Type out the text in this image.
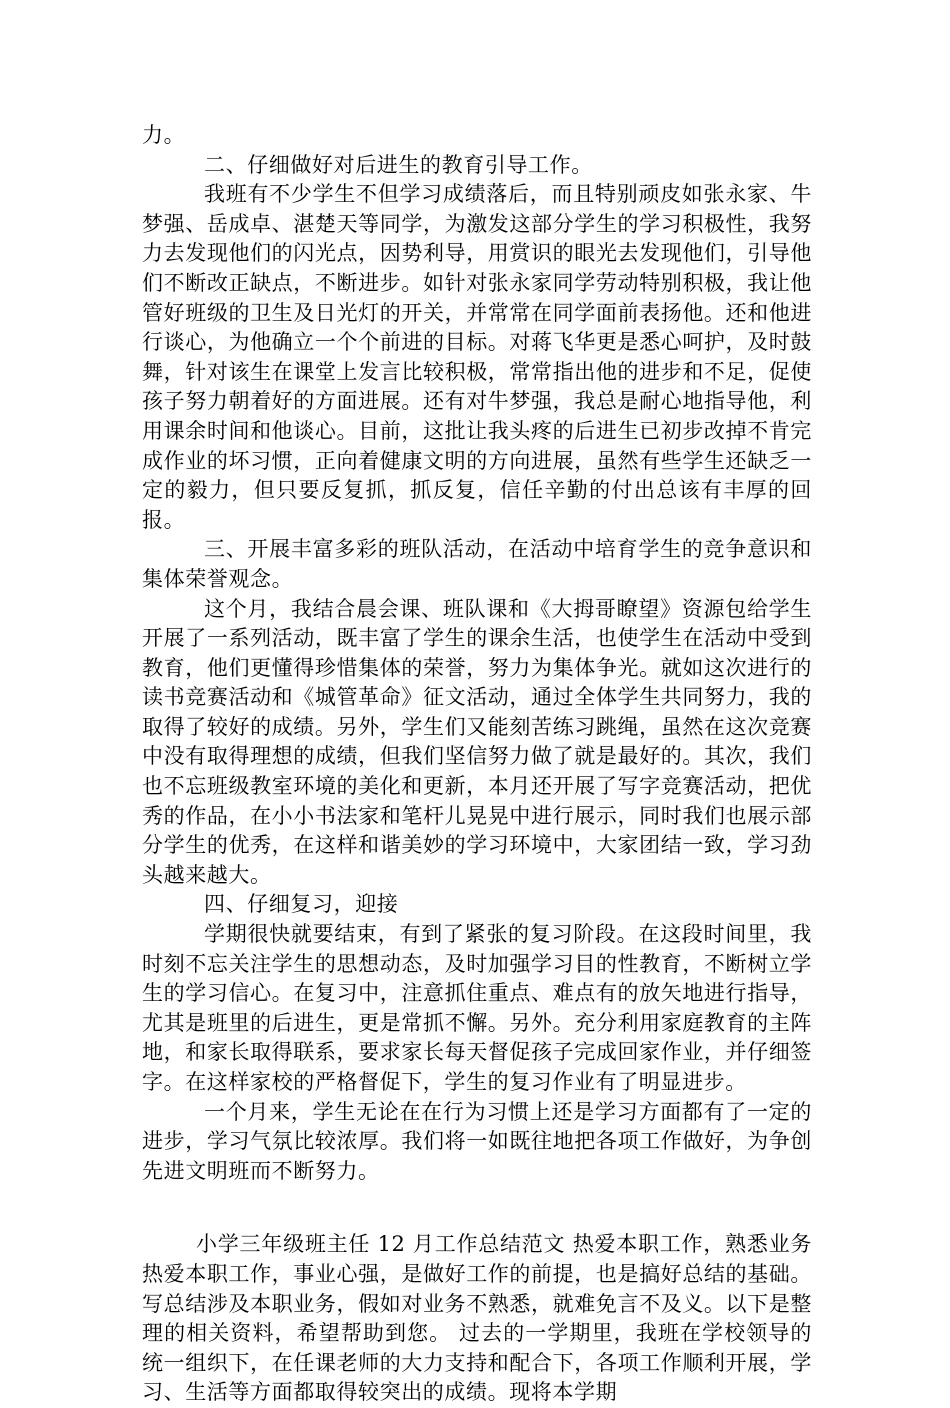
力。

二、仔细做好对后进生的教育引导工作。

我班有不少学生不但学习成绩落后，而且特别顽皮如张永家、牛梦强、岳成卓、湛楚天等同学，为激发这部分学生的学习积极性，我努力去发现他们的闪光点，因势利导，用赏识的眼光去发现他们，引导他们不断改正缺点，不断进步。如针对张永家同学劳动特别积极，我让他管好班级的卫生及日光灯的开关，并常常在同学面前表扬他。还和他进行谈心，为他确立一个个前进的目标。对蒋飞华更是悉心呵护，及时鼓舞，针对该生在课堂上发言比较积极，常常指出他的进步和不足，促使孩子努力朝着好的方面进展。还有对牛梦强，我总是耐心地指导他，利用课余时间和他谈心。目前，这批让我头疼的后进生已初步改掉不肯完成作业的坏习惯，正向着健康文明的方向进展，虽然有些学生还缺乏一定的毅力，但只要反复抓，抓反复，信任辛勤的付出总该有丰厚的回报。

三、开展丰富多彩的班队活动，在活动中培育学生的竞争意识和集体荣誉观念。

这个月，我结合晨会课、班队课和《大拇哥瞭望》资源包给学生开展了一系列活动，既丰富了学生的课余生活，也使学生在活动中受到教育，他们更懂得珍惜集体的荣誉，努力为集体争光。就如这次进行的读书竞赛活动和《城管革命》征文活动，通过全体学生共同努力，我的取得了较好的成绩。另外，学生们又能刻苦练习跳绳，虽然在这次竞赛中没有取得理想的成绩，但我们坚信努力做了就是最好的。其次，我们也不忘班级教室环境的美化和更新，本月还开展了写字竞赛活动，把优秀的作品，在小小书法家和笔杆儿晃晃中进行展示，同时我们也展示部分学生的优秀，在这样和谐美妙的学习环境中，大家团结一致，学习劲头越来越大。

四、仔细复习，迎接

学期很快就要结束，有到了紧张的复习阶段。在这段时间里，我时刻不忘关注学生的思想动态，及时加强学习目的性教育，不断树立学生的学习信心。在复习中，注意抓住重点、难点有的放矢地进行指导，尤其是班里的后进生，更是常抓不懈。另外。充分利用家庭教育的主阵地，和家长取得联系，要求家长每天督促孩子完成回家作业，并仔细签字。在这样家校的严格督促下，学生的复习作业有了明显进步。

一个月来，学生无论在在行为习惯上还是学习方面都有了一定的进步，学习气氛比较浓厚。我们将一如既往地把各项工作做好，为争创先进文明班而不断努力。

小学三年级班主任 12 月工作总结范文 热爱本职工作，熟悉业务热爱本职工作，事业心强，是做好工作的前提，也是搞好总结的基础。写总结涉及本职业务，假如对业务不熟悉，就难免言不及义。以下是整理的相关资料，希望帮助到您。 过去的一学期里，我班在学校领导的统一组织下，在任课老师的大力支持和配合下，各项工作顺利开展，学习、生活等方面都取得较突出的成绩。现将本学期
